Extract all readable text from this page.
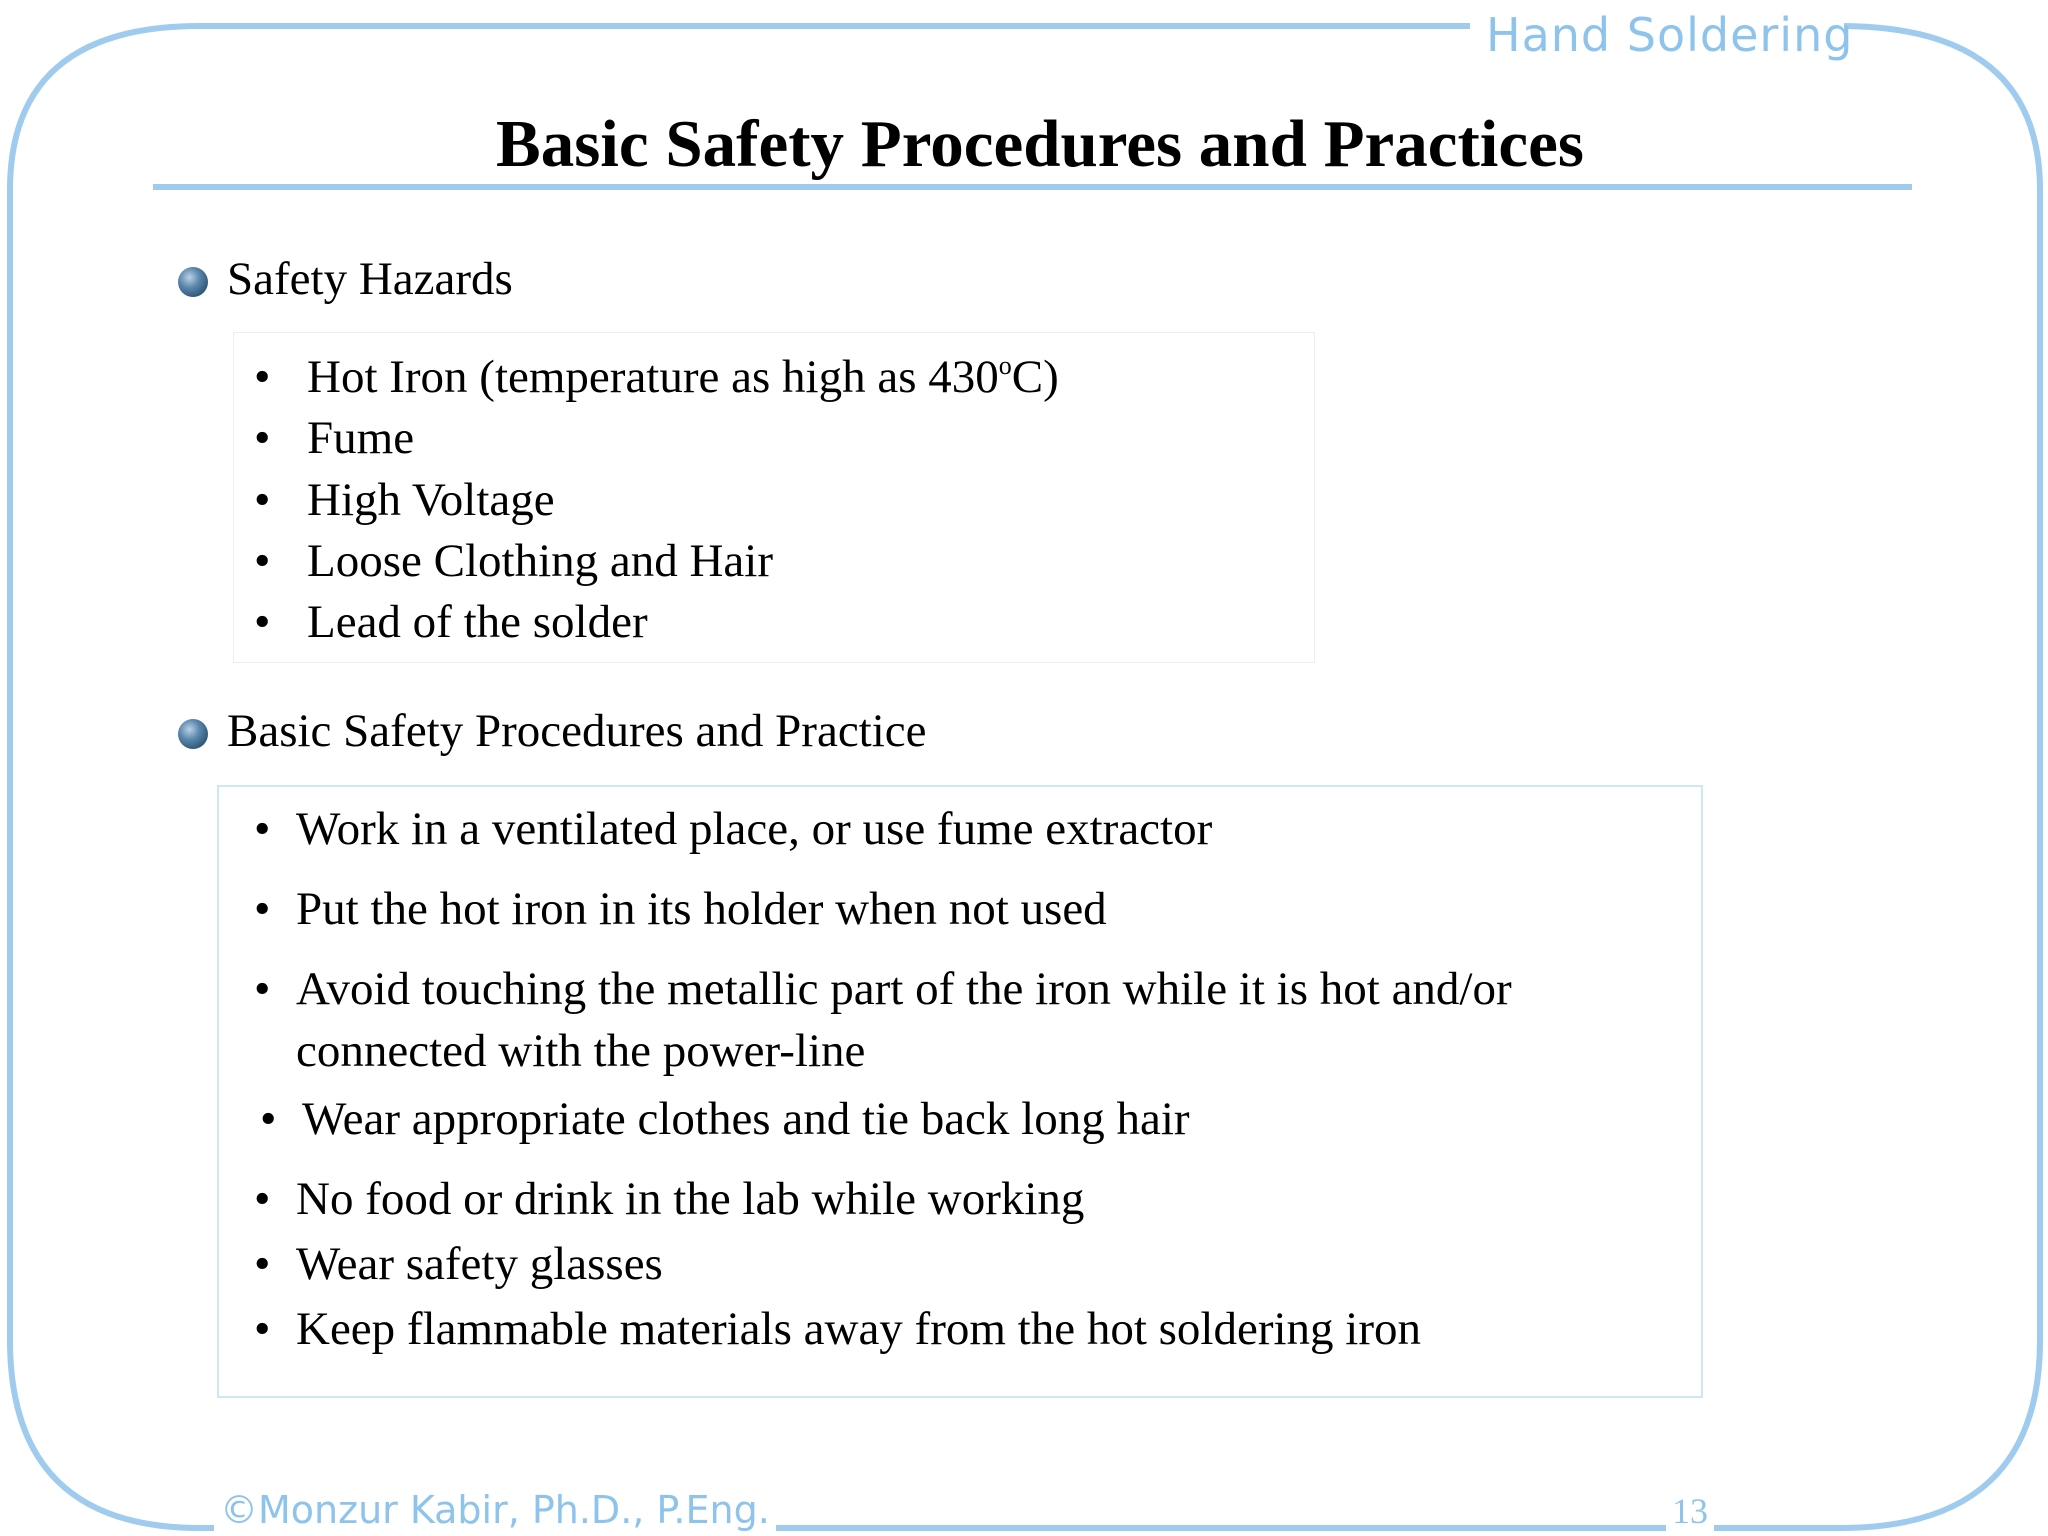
Hand Soldering
Basic Safety Procedures and Practices
Safety Hazards
• Hot Iron (temperature as high as 430$^o$C)
• Fume
• High Voltage
• Loose Clothing and Hair
• Lead of the solder
Basic Safety Procedures and Practice
• Work in a ventilated place, or use fume extractor
• Put the hot iron in its holder when not used
• Avoid touching the metallic part of the iron while it is hot and/or
connected with the power-line
• Wear appropriate clothes and tie back long hair
• No food or drink in the lab while working
• Wear safety glasses
• Keep flammable materials away from the hot soldering iron
©Monzur Kabir, Ph.D., P.Eng.	13
